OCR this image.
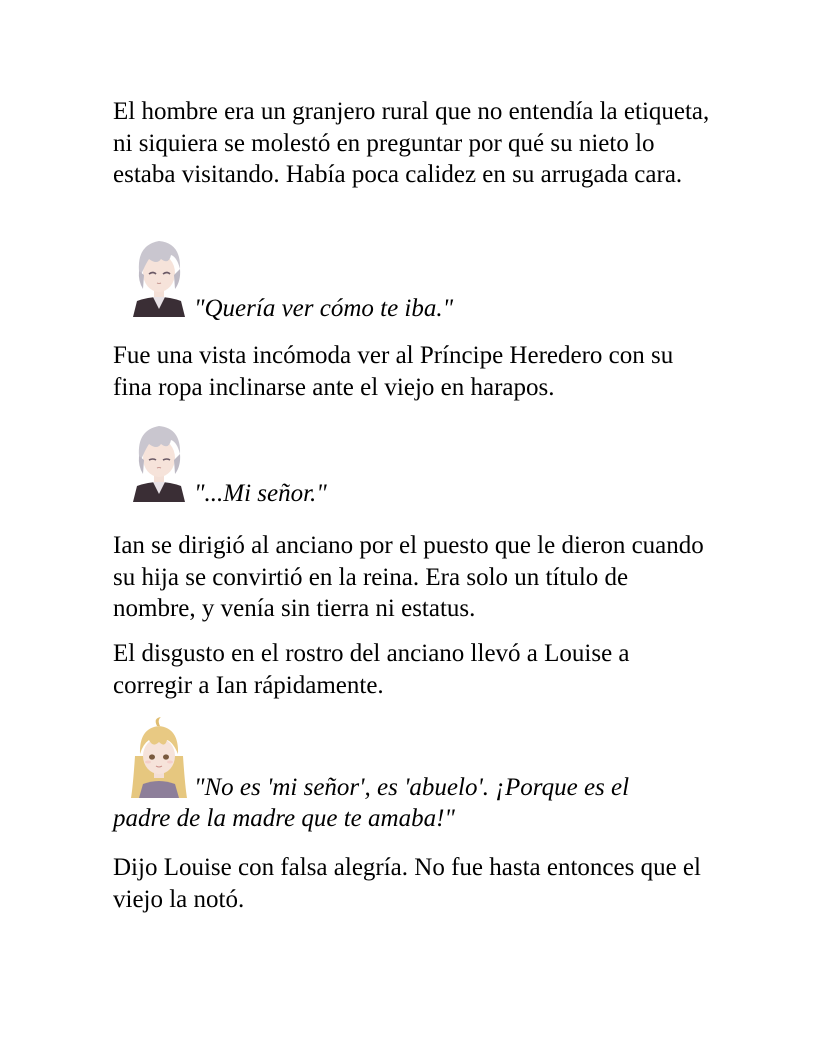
El hombre era un granjero rural que no entendía la etiqueta, ni siquiera se molestó en preguntar por qué su nieto lo estaba visitando. Había poca calidez en su arrugada cara.

"Quería ver cómo te iba."

Fue una vista incómoda ver al Príncipe Heredero con su fina ropa inclinarse ante el viejo en harapos.

"...Mi señor."

Ian se dirigió al anciano por el puesto que le dieron cuando su hija se convirtió en la reina. Era solo un título de nombre, y venía sin tierra ni estatus.

El disgusto en el rostro del anciano llevó a Louise a corregir a Ian rápidamente.

"No es 'mi señor', es 'abuelo'. ¡Porque es el

padre de la madre que te amaba!"

Dijo Louise con falsa alegría. No fue hasta entonces que el viejo la notó.
